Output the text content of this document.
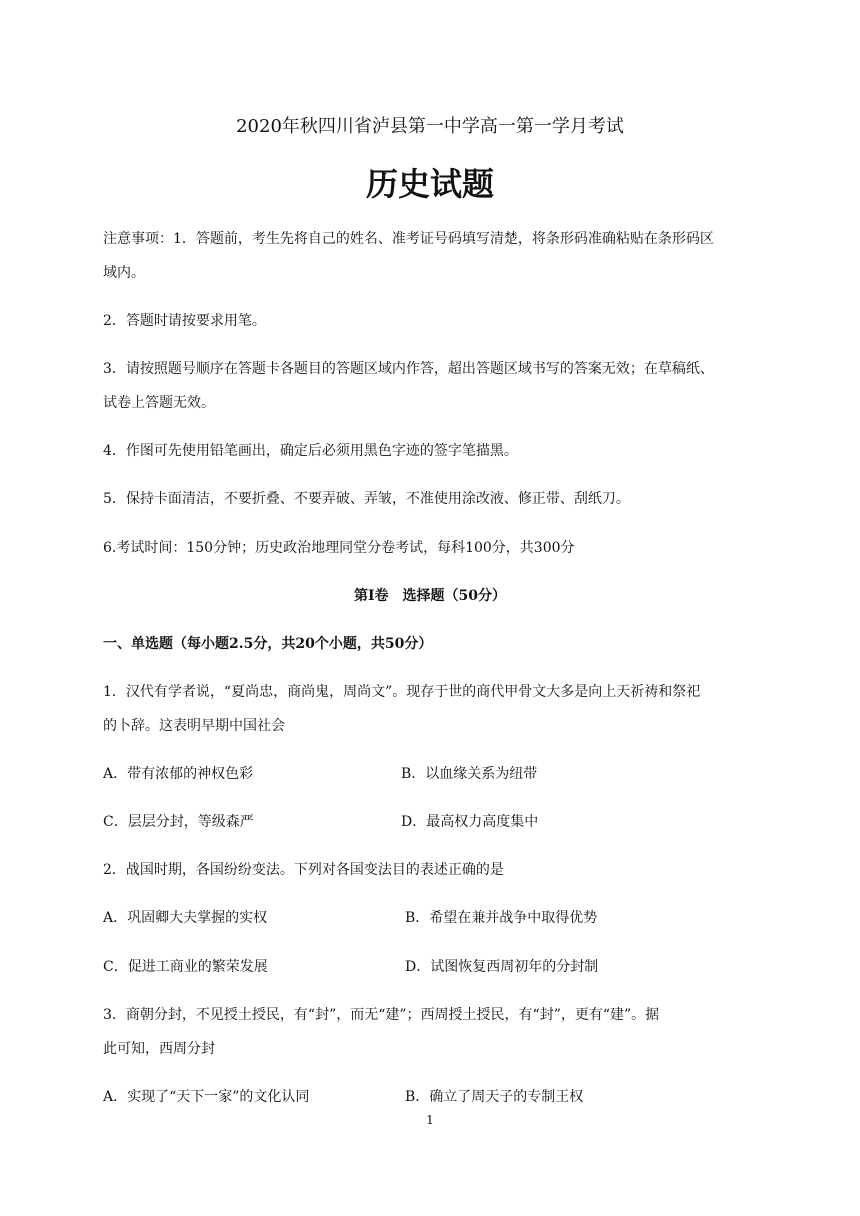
2020年秋四川省泸县第一中学高一第一学月考试
历史试题
注意事项：1．答题前，考生先将自己的姓名、准考证号码填写清楚，将条形码准确粘贴在条形码区
域内。
2．答题时请按要求用笔。
3．请按照题号顺序在答题卡各题目的答题区域内作答，超出答题区域书写的答案无效；在草稿纸、
试卷上答题无效。
4．作图可先使用铅笔画出，确定后必须用黑色字迹的签字笔描黑。
5．保持卡面清洁，不要折叠、不要弄破、弄皱，不准使用涂改液、修正带、刮纸刀。
6.考试时间：150分钟；历史政治地理同堂分卷考试，每科100分，共300分
第I卷　选择题（50分）
一、单选题（每小题2.5分，共20个小题，共50分）
1．汉代有学者说，“夏尚忠，商尚鬼，周尚文”。现存于世的商代甲骨文大多是向上天祈祷和祭祀
的卜辞。这表明早期中国社会
A．带有浓郁的神权色彩	B．以血缘关系为纽带
C．层层分封，等级森严	D．最高权力高度集中
2．战国时期，各国纷纷变法。下列对各国变法目的表述正确的是
A．巩固卿大夫掌握的实权	B．希望在兼并战争中取得优势
C．促进工商业的繁荣发展	D．试图恢复西周初年的分封制
3．商朝分封，不见授土授民，有“封”，而无“建”；西周授土授民，有“封”，更有“建”。据
此可知，西周分封
A．实现了“天下一家”的文化认同	B．确立了周天子的专制王权
1
